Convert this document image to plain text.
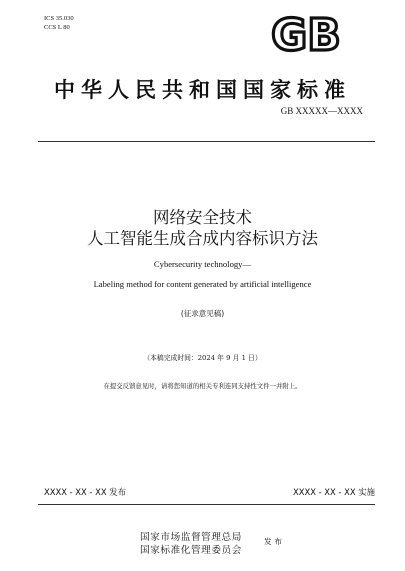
ICS 35.030
CCS L 80	GB
中华人民共和国国家标准
GB XXXXX—XXXX
网络安全技术
人工智能生成合成内容标识方法
Cybersecurity technology—
Labeling method for content generated by artificial intelligence
(征求意见稿)
（本稿完成时间：2024 年 9 月 1 日）
在提交反馈意见时，请将您知道的相关专利连同支持性文件一并附上。
XXXX - XX - XX 发布	XXXX - XX - XX 实施
国家市场监督管理总局
国家标准化管理委员会
发布
